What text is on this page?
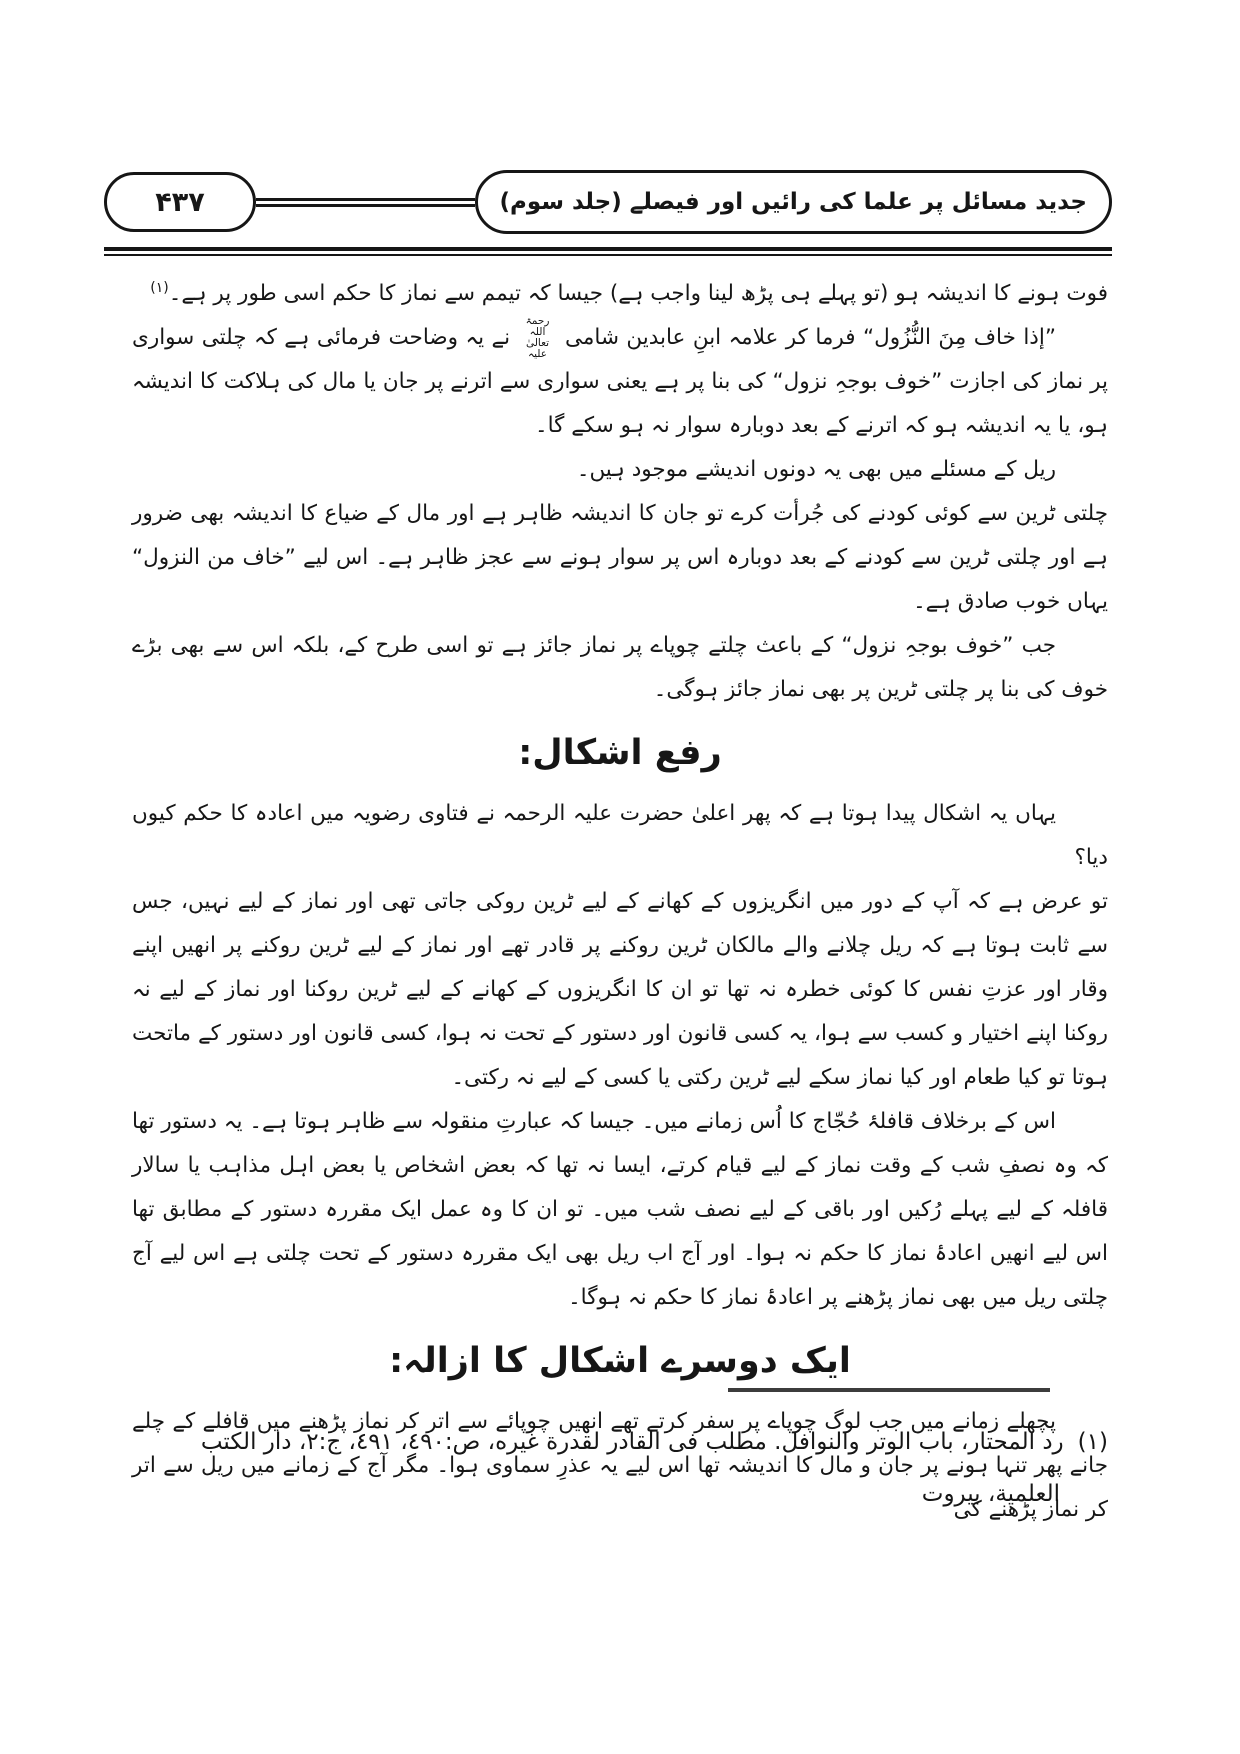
۴۳۷	جدید مسائل پر علما کی رائیں اور فیصلے (جلد سوم)

فوت ہونے کا اندیشہ ہو (تو پہلے ہی پڑھ لینا واجب ہے) جیسا کہ تیمم سے نماز کا حکم اسی طور پر ہے۔$^{(۱)}$

”إذا خاف مِنَ النُّزُول“ فرما کر علامہ ابنِ عابدین شامی رحمۃ اللہ تعالیٰ علیہ نے یہ وضاحت فرمائی ہے کہ چلتی سواری پر نماز کی اجازت ”خوف بوجہِ نزول“ کی بنا پر ہے یعنی سواری سے اترنے پر جان یا مال کی ہلاکت کا اندیشہ ہو، یا یہ اندیشہ ہو کہ اترنے کے بعد دوبارہ سوار نہ ہو سکے گا۔

ریل کے مسئلے میں بھی یہ دونوں اندیشے موجود ہیں۔

چلتی ٹرین سے کوئی کودنے کی جُرأت کرے تو جان کا اندیشہ ظاہر ہے اور مال کے ضیاع کا اندیشہ بھی ضرور ہے اور چلتی ٹرین سے کودنے کے بعد دوبارہ اس پر سوار ہونے سے عجز ظاہر ہے۔ اس لیے ”خاف من النزول“ یہاں خوب صادق ہے۔

جب ”خوف بوجہِ نزول“ کے باعث چلتے چوپاے پر نماز جائز ہے تو اسی طرح کے، بلکہ اس سے بھی بڑے خوف کی بنا پر چلتی ٹرین پر بھی نماز جائز ہوگی۔

رفع اشکال:

یہاں یہ اشکال پیدا ہوتا ہے کہ پھر اعلیٰ حضرت علیہ الرحمہ نے فتاوی رضویہ میں اعادہ کا حکم کیوں دیا؟

تو عرض ہے کہ آپ کے دور میں انگریزوں کے کھانے کے لیے ٹرین روکی جاتی تھی اور نماز کے لیے نہیں، جس سے ثابت ہوتا ہے کہ ریل چلانے والے مالکان ٹرین روکنے پر قادر تھے اور نماز کے لیے ٹرین روکنے پر انھیں اپنے وقار اور عزتِ نفس کا کوئی خطرہ نہ تھا تو ان کا انگریزوں کے کھانے کے لیے ٹرین روکنا اور نماز کے لیے نہ روکنا اپنے اختیار و کسب سے ہوا، یہ کسی قانون اور دستور کے تحت نہ ہوا، کسی قانون اور دستور کے ماتحت ہوتا تو کیا طعام اور کیا نماز سکے لیے ٹرین رکتی یا کسی کے لیے نہ رکتی۔

اس کے برخلاف قافلۂ حُجّاج کا اُس زمانے میں۔ جیسا کہ عبارتِ منقولہ سے ظاہر ہوتا ہے۔ یہ دستور تھا کہ وہ نصفِ شب کے وقت نماز کے لیے قیام کرتے، ایسا نہ تھا کہ بعض اشخاص یا بعض اہل مذاہب یا سالار قافلہ کے لیے پہلے رُکیں اور باقی کے لیے نصف شب میں۔ تو ان کا وہ عمل ایک مقررہ دستور کے مطابق تھا اس لیے انھیں اعادۂ نماز کا حکم نہ ہوا۔ اور آج اب ریل بھی ایک مقررہ دستور کے تحت چلتی ہے اس لیے آج چلتی ریل میں بھی نماز پڑھنے پر اعادۂ نماز کا حکم نہ ہوگا۔

ایک دوسرے اشکال کا ازالہ:

پچھلے زمانے میں جب لوگ چوپاے پر سفر کرتے تھے انھیں چوپائے سے اتر کر نماز پڑھنے میں قافلے کے چلے جانے پھر تنہا ہونے پر جان و مال کا اندیشہ تھا اس لیے یہ عذرِ سماوی ہوا۔ مگر آج کے زمانے میں ریل سے اتر کر نماز پڑھنے کی

(١)رد المحتار، باب الوتر والنوافل. مطلب فى القادر لقدرة غيره، ص:٤٩٠، ٤٩١، ج:٢، دار الكتب العلمية، بيروت
